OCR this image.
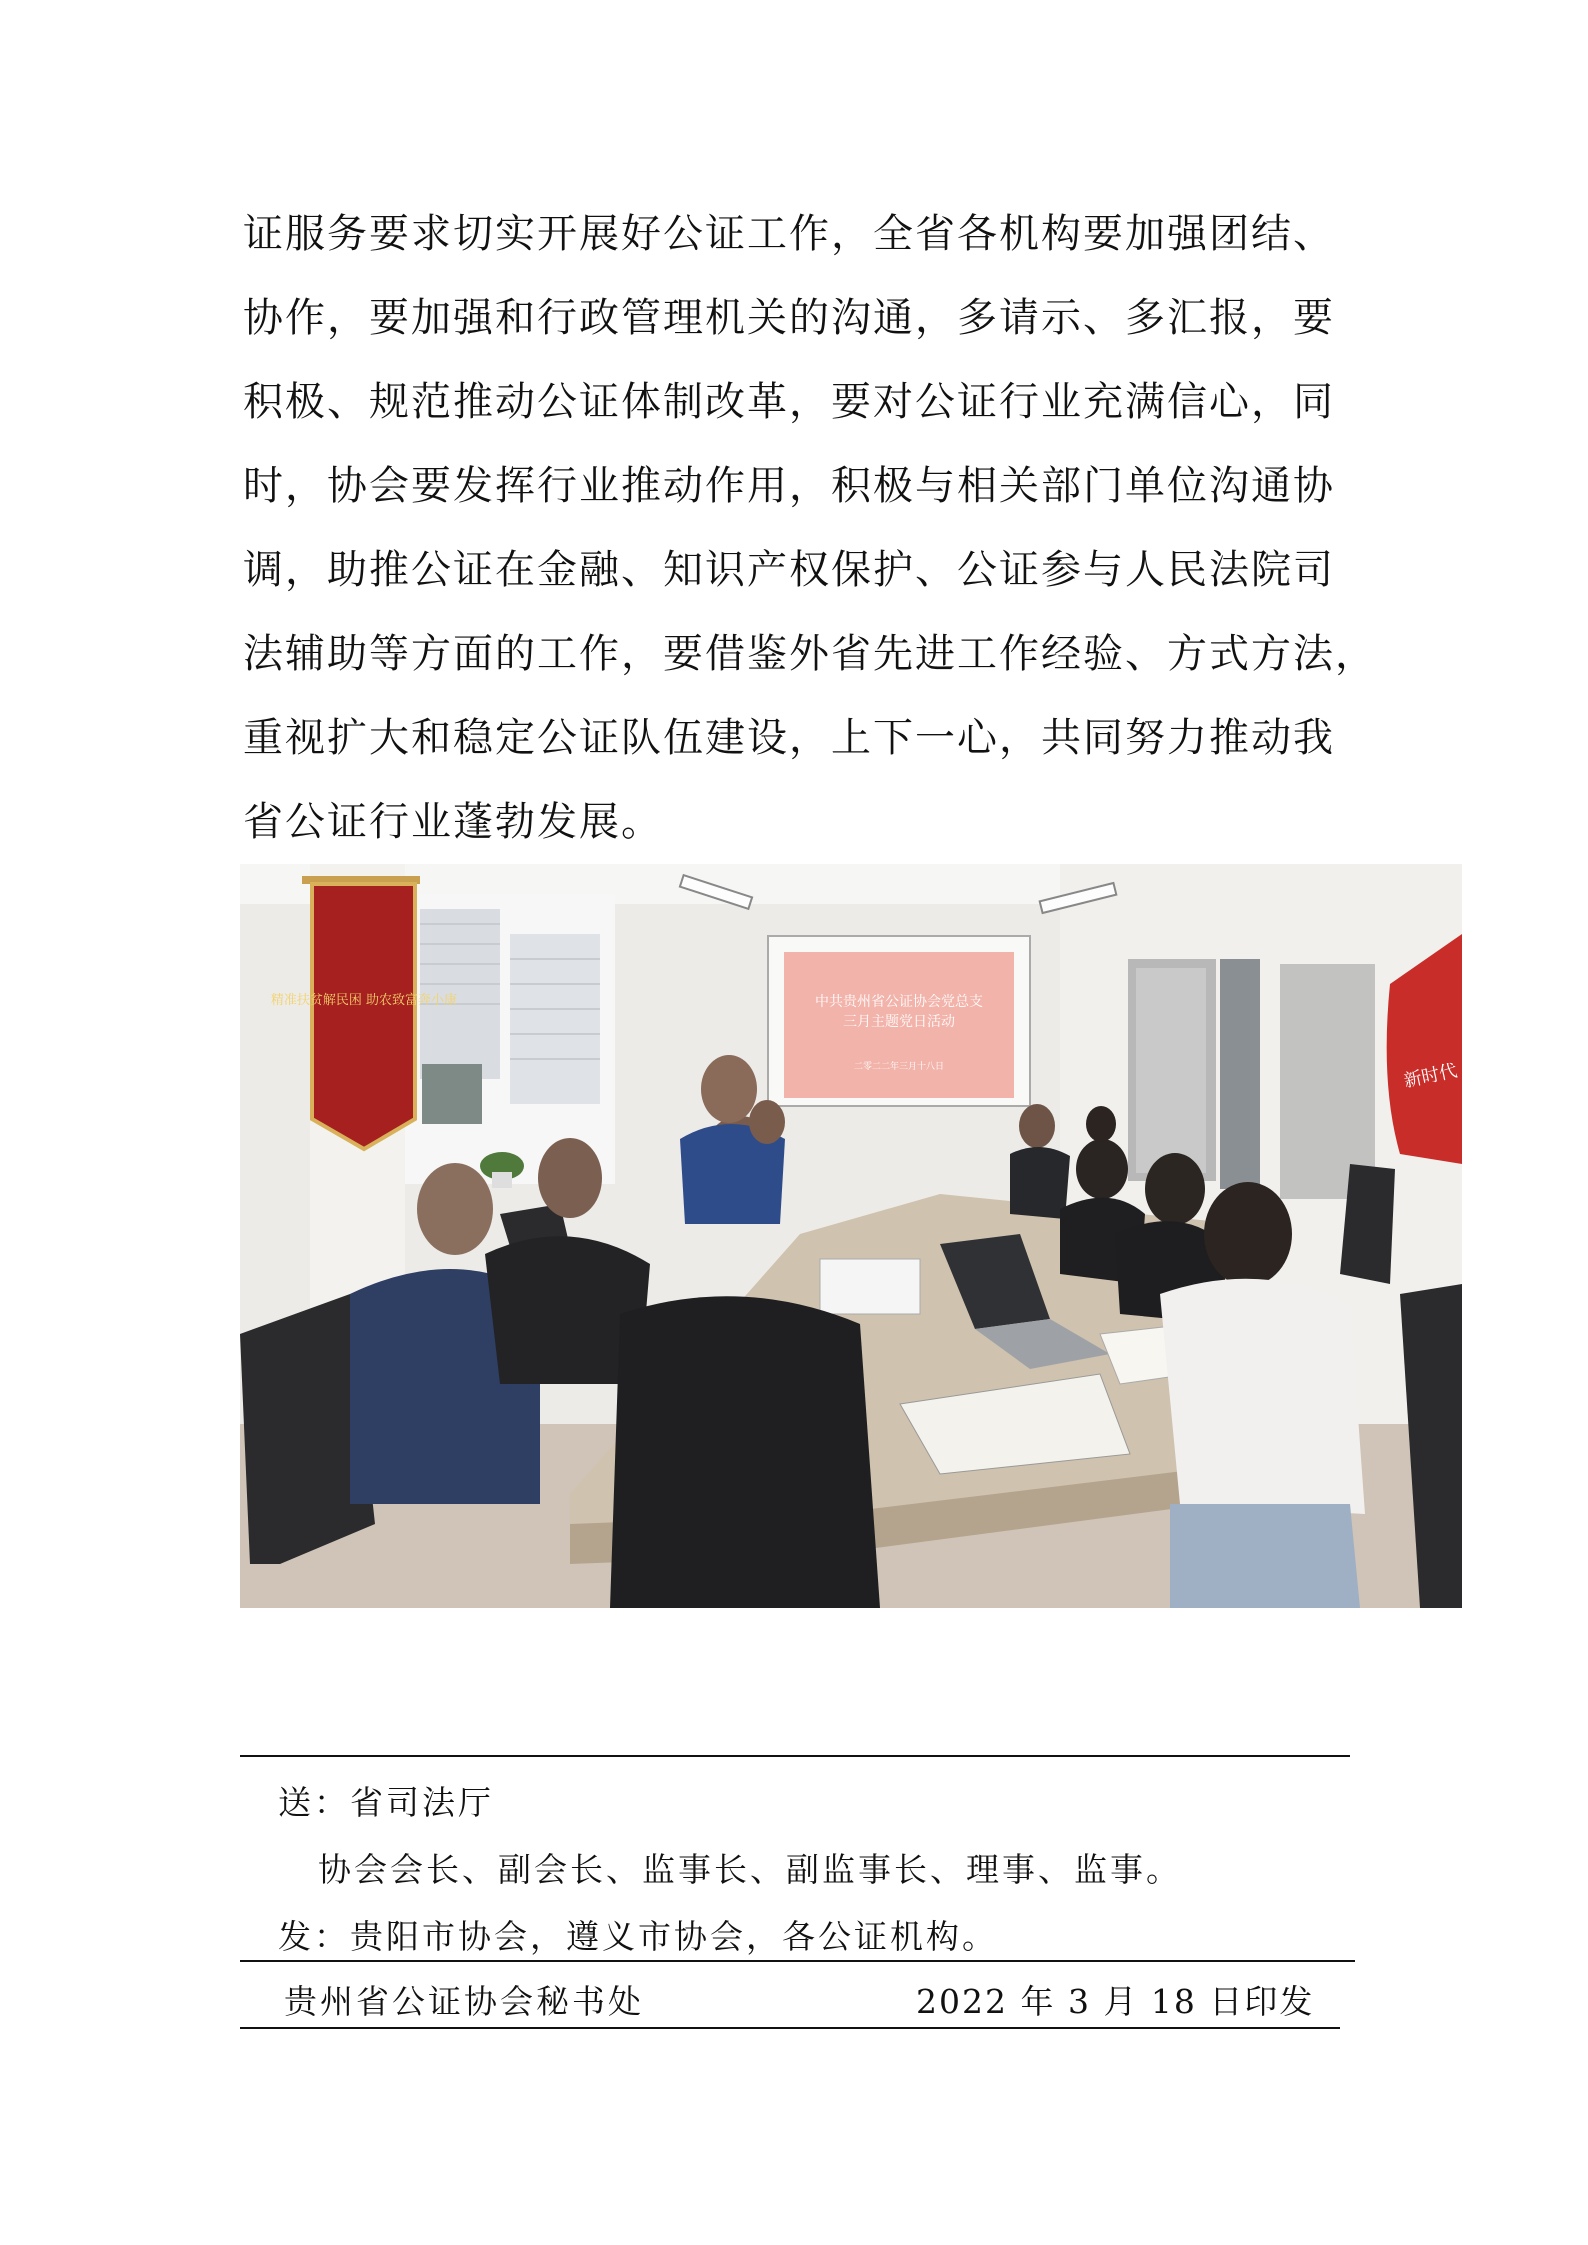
证服务要求切实开展好公证工作，全省各机构要加强团结、
协作，要加强和行政管理机关的沟通，多请示、多汇报，要
积极、规范推动公证体制改革，要对公证行业充满信心，同
时，协会要发挥行业推动作用，积极与相关部门单位沟通协
调，助推公证在金融、知识产权保护、公证参与人民法院司
法辅助等方面的工作，要借鉴外省先进工作经验、方式方法，
重视扩大和稳定公证队伍建设，上下一心，共同努力推动我
省公证行业蓬勃发展。

中共贵州省公证协会党总支
三月主题党日活动
二零二二年三月十八日	新时代 新征程
精准扶贫解民困 助农致富奔小康

送：省司法厅

协会会长、副会长、监事长、副监事长、理事、监事。

发：贵阳市协会，遵义市协会，各公证机构。

贵州省公证协会秘书处	2022 年 3 月 18 日印发
